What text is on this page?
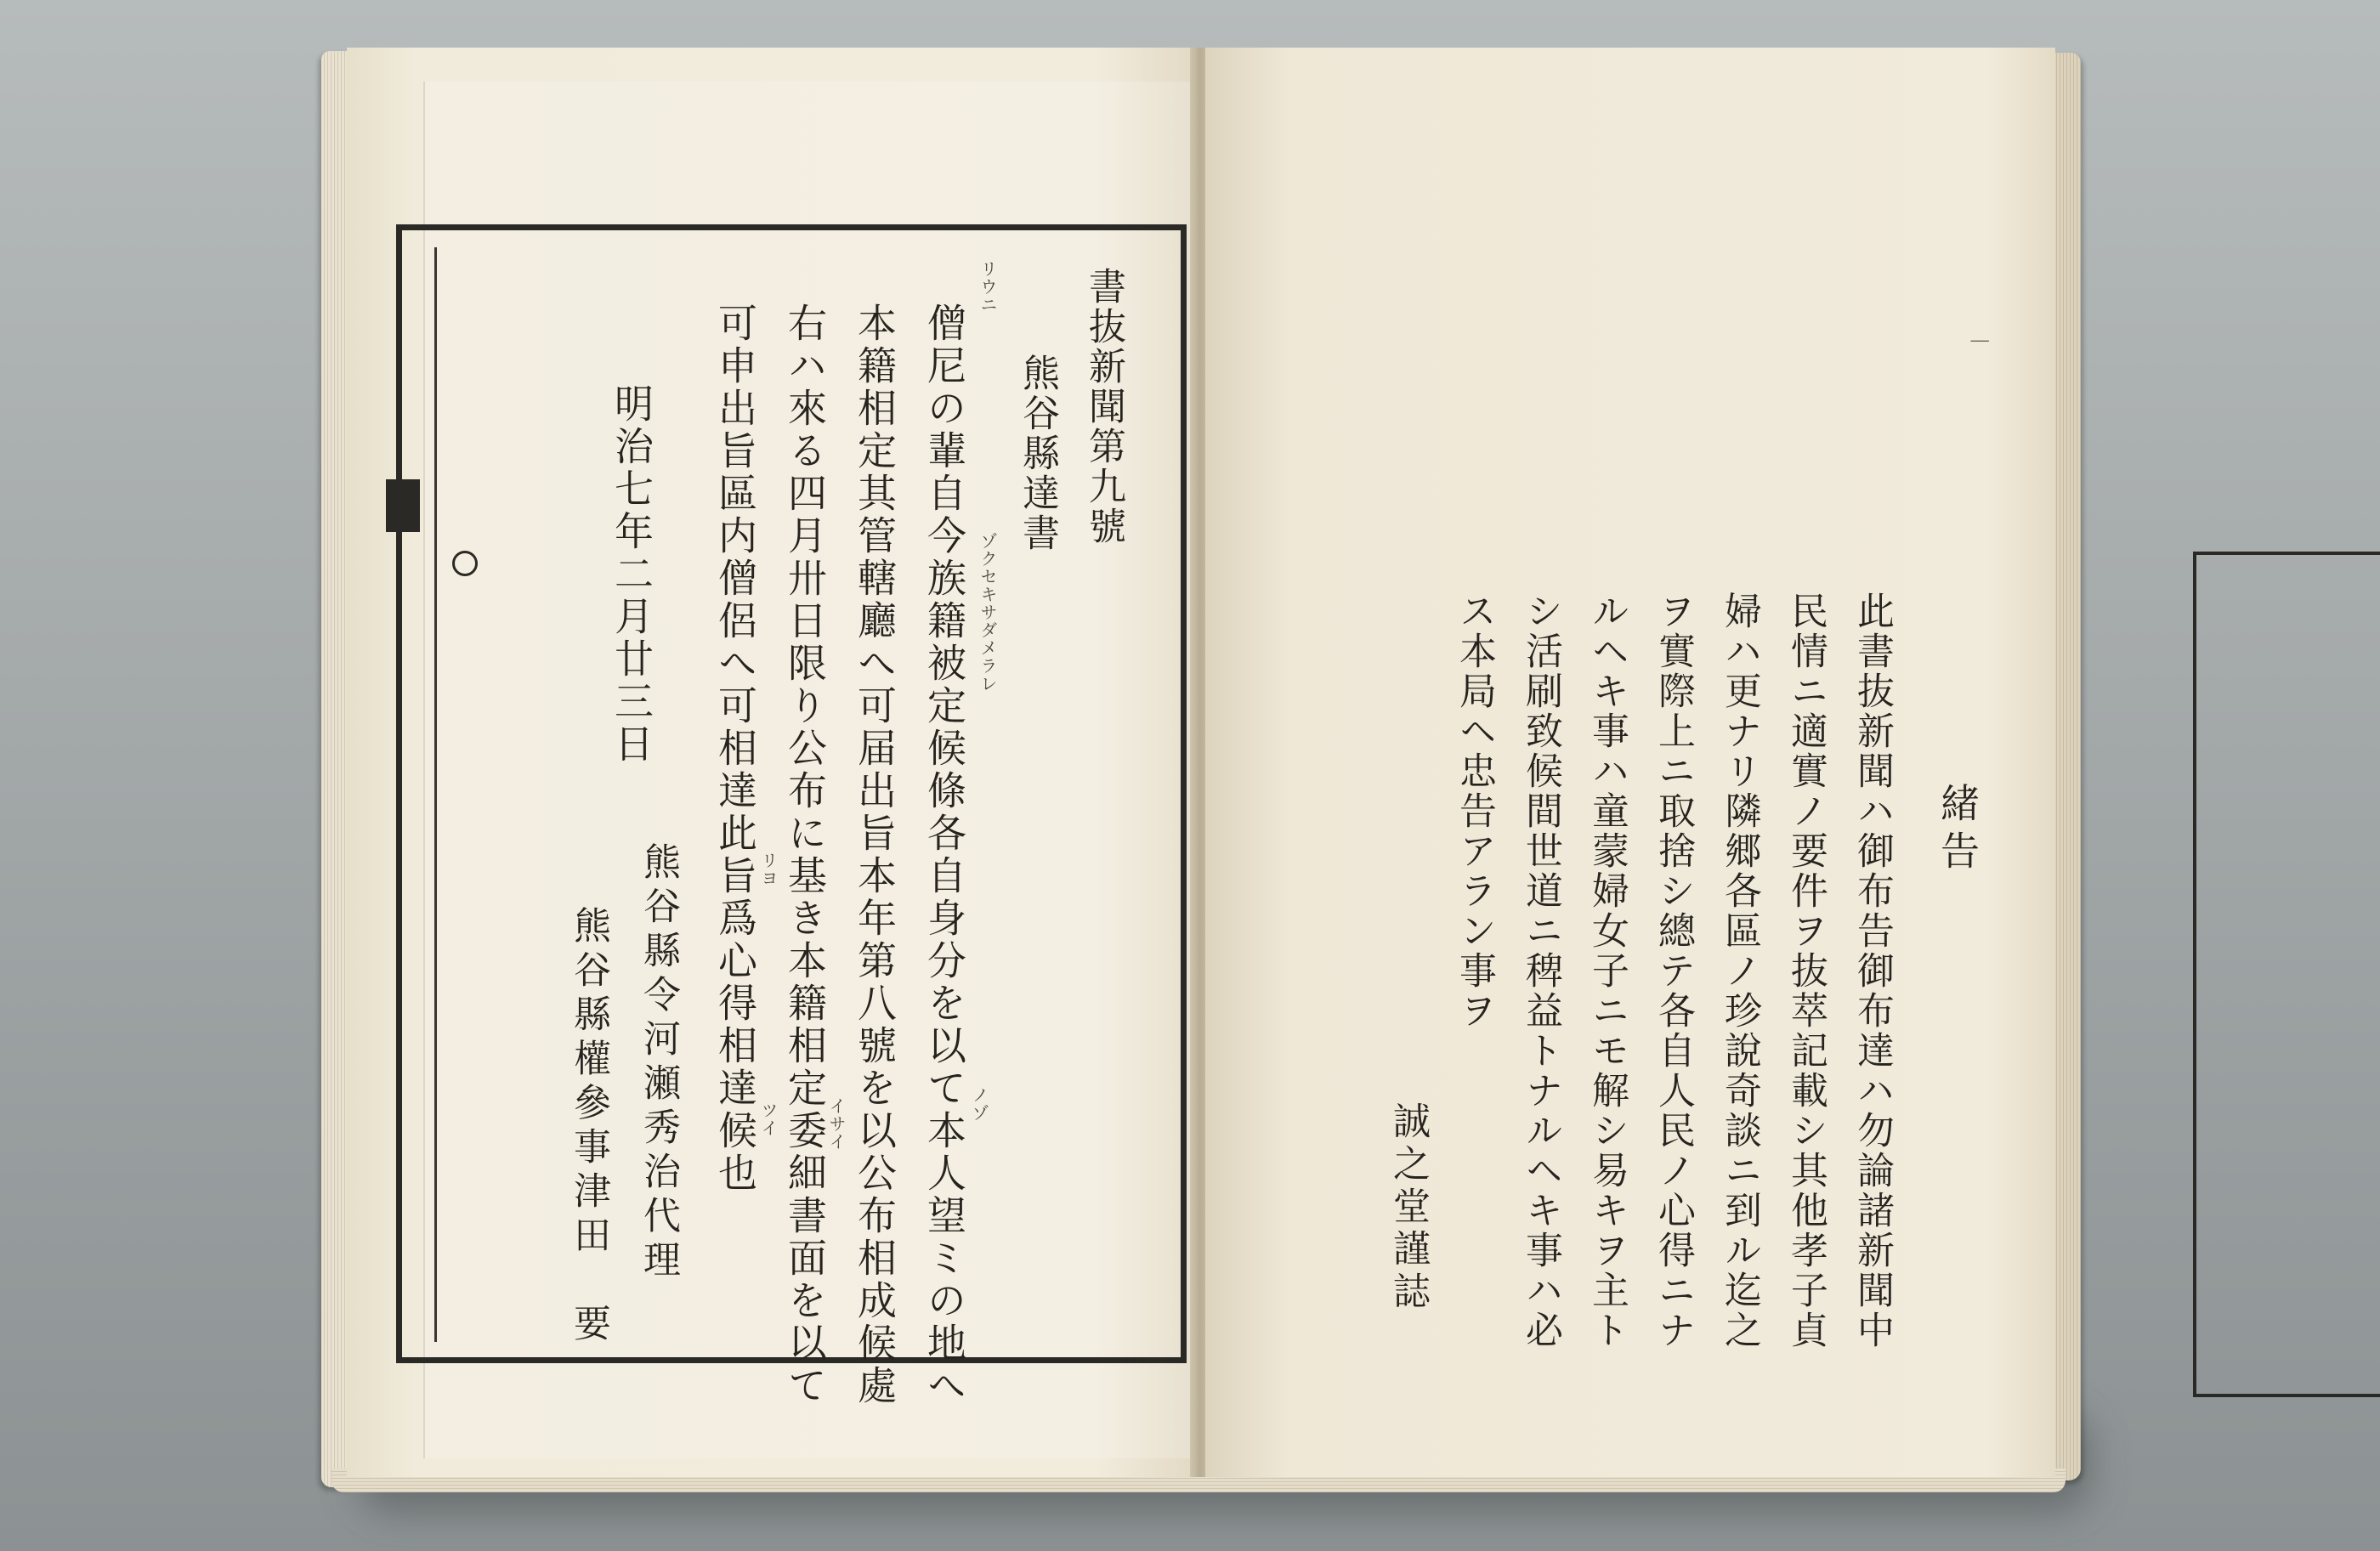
書抜新聞第九號
熊谷縣達書
リウニ
ゾクセキサダメラレ
僧尼の輩自今族籍被定候條各自身分を以て本人望ミの地へ ノゾ
本籍相定其管轄廳へ可届出旨本年第八號を以公布相成候處
右ハ來る四月卅日限り公布に基き本籍相定委細書面を以て
イサイ
可申出旨區内僧侶へ可相達此旨爲心得相達候也 リヨ
ツイ
明治七年二月廿三日
熊谷縣令河瀬秀治代理
熊谷縣權參事津田　要
│
緒告
此書抜新聞ハ御布告御布達ハ勿論諸新聞中
民情ニ適實ノ要件ヲ抜萃記載シ其他孝子貞
婦ハ更ナリ隣郷各區ノ珍說奇談ニ到ル迄之
ヲ實際上ニ取捨シ總テ各自人民ノ心得ニナ
ルヘキ事ハ童蒙婦女子ニモ解シ易キヲ主ト
シ活刷致候間世道ニ稗益トナルヘキ事ハ必
ス本局ヘ忠告アラン事ヲ
誠之堂謹誌
